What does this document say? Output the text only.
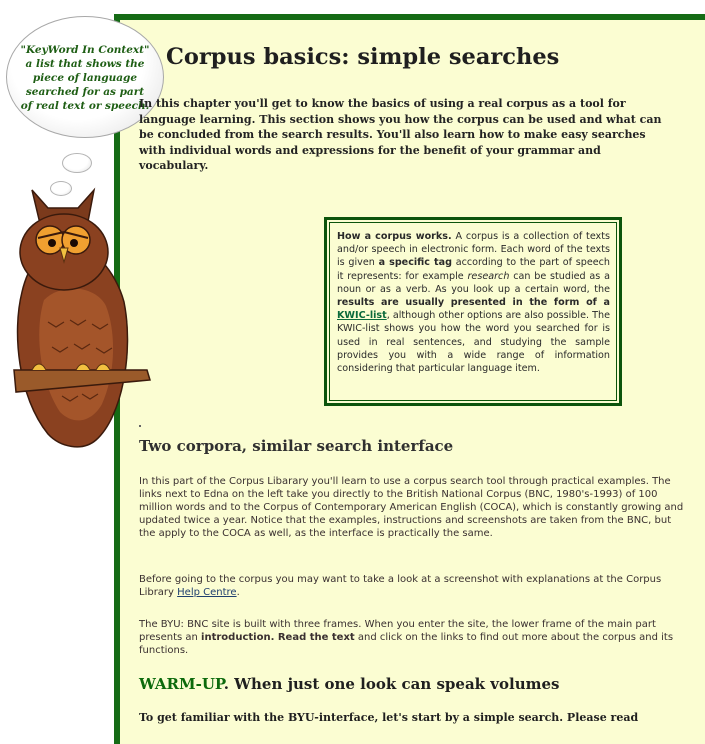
"KeyWord In Context" a list that shows the piece of language searched for as part of real text or speech.
Corpus basics: simple searches

In this chapter you'll get to know the basics of using a real corpus as a tool for language learning. This section shows you how the corpus can be used and what can be concluded from the search results. You'll also learn how to make easy searches with individual words and expressions for the benefit of your grammar and vocabulary.

How a corpus works. A corpus is a collection of texts and/or speech in electronic form. Each word of the texts is given a specific tag according to the part of speech it represents: for example research can be studied as a noun or as a verb. As you look up a certain word, the results are usually presented in the form of a KWIC-list, although other options are also possible. The KWIC-list shows you how the word you searched for is used in real sentences, and studying the sample provides you with a wide range of information considering that particular language item.

Two corpora, similar search interface

In this part of the Corpus Libarary you'll learn to use a corpus search tool through practical examples. The links next to Edna on the left take you directly to the British National Corpus (BNC, 1980's-1993) of 100 million words and to the Corpus of Contemporary American English (COCA), which is constantly growing and updated twice a year. Notice that the examples, instructions and screenshots are taken from the BNC, but the apply to the COCA as well, as the interface is practically the same.

Before going to the corpus you may want to take a look at a screenshot with explanations at the Corpus Library Help Centre.

The BYU: BNC site is built with three frames. When you enter the site, the lower frame of the main part presents an introduction. Read the text and click on the links to find out more about the corpus and its functions.

WARM-UP. When just one look can speak volumes

To get familiar with the BYU-interface, let's start by a simple search. Please read
